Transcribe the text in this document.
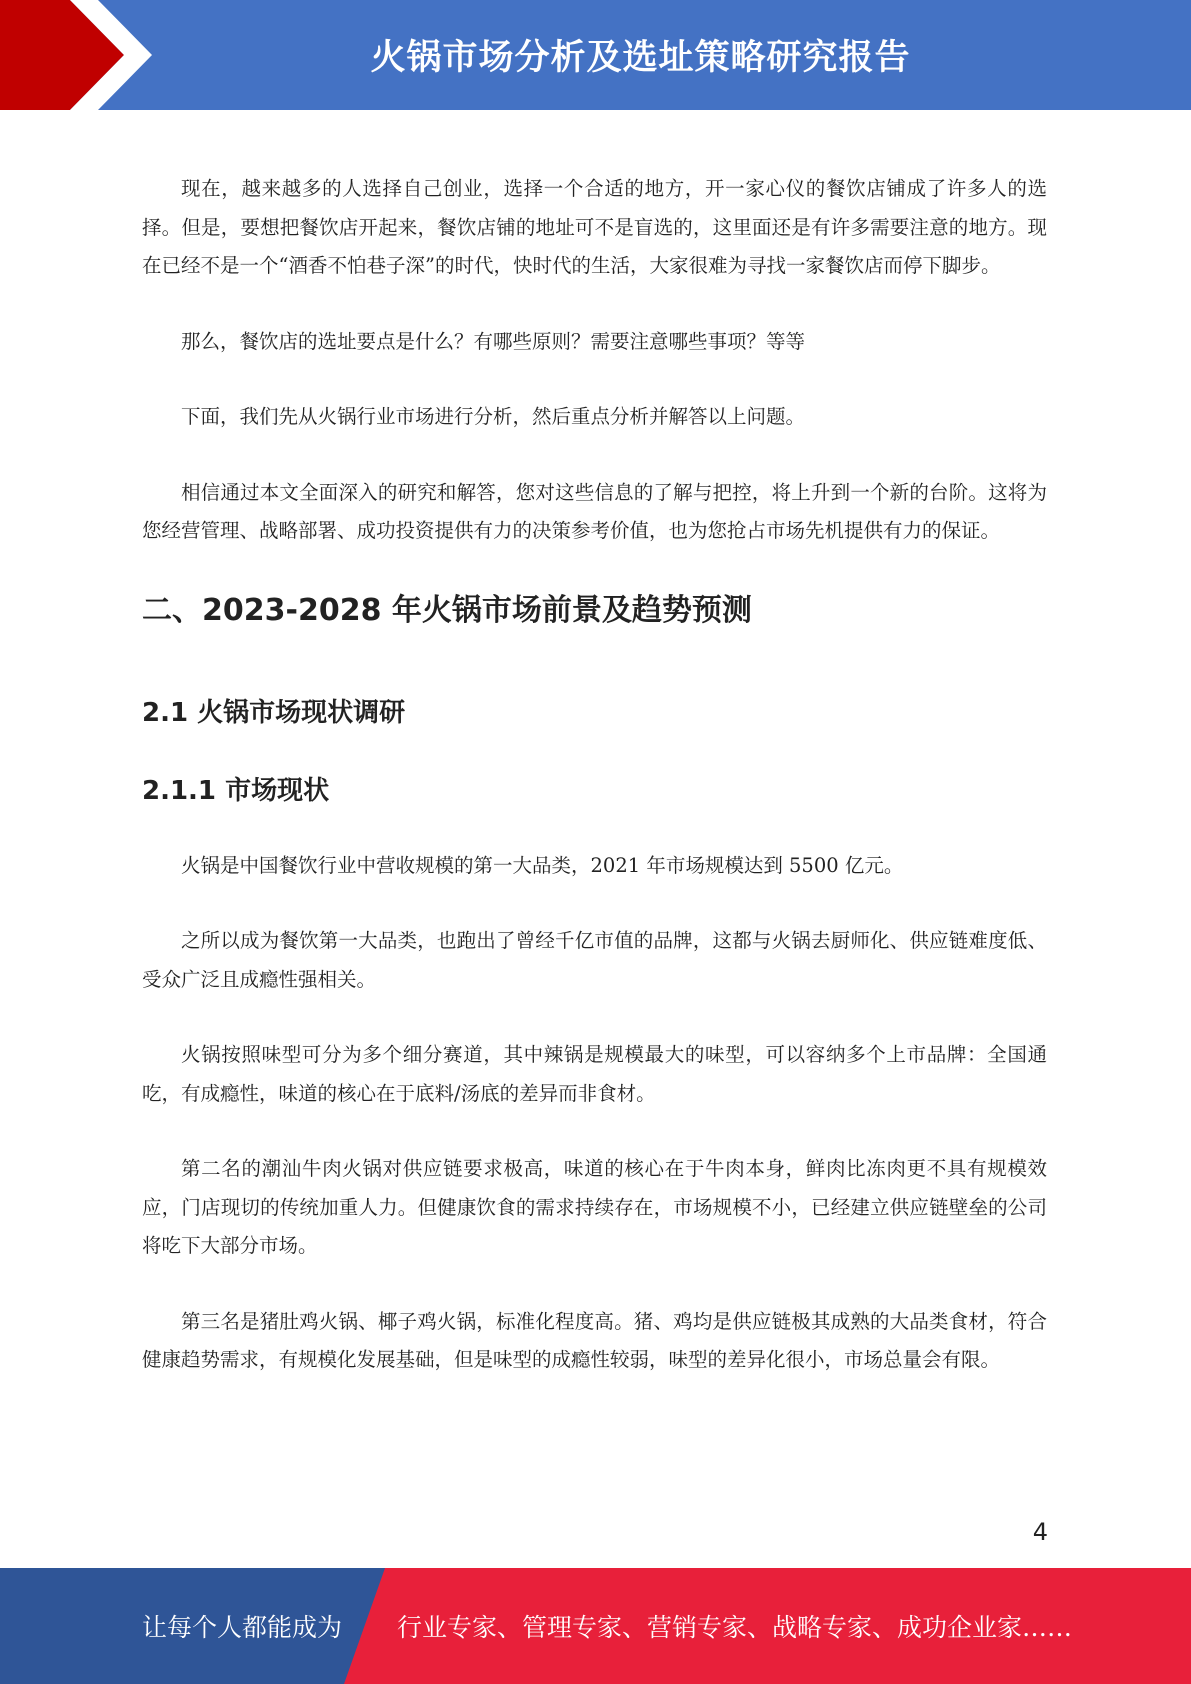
火锅市场分析及选址策略研究报告

现在，越来越多的人选择自己创业，选择一个合适的地方，开一家心仪的餐饮店铺成了许多人的选择。但是，要想把餐饮店开起来，餐饮店铺的地址可不是盲选的，这里面还是有许多需要注意的地方。现在已经不是一个“酒香不怕巷子深”的时代，快时代的生活，大家很难为寻找一家餐饮店而停下脚步。

那么，餐饮店的选址要点是什么？有哪些原则？需要注意哪些事项？等等

下面，我们先从火锅行业市场进行分析，然后重点分析并解答以上问题。

相信通过本文全面深入的研究和解答，您对这些信息的了解与把控，将上升到一个新的台阶。这将为您经营管理、战略部署、成功投资提供有力的决策参考价值，也为您抢占市场先机提供有力的保证。

二、2023-2028 年火锅市场前景及趋势预测
2.1 火锅市场现状调研
2.1.1 市场现状

火锅是中国餐饮行业中营收规模的第一大品类，2021 年市场规模达到 5500 亿元。

之所以成为餐饮第一大品类，也跑出了曾经千亿市值的品牌，这都与火锅去厨师化、供应链难度低、受众广泛且成瘾性强相关。

火锅按照味型可分为多个细分赛道，其中辣锅是规模最大的味型，可以容纳多个上市品牌：全国通吃，有成瘾性，味道的核心在于底料/汤底的差异而非食材。

第二名的潮汕牛肉火锅对供应链要求极高，味道的核心在于牛肉本身，鲜肉比冻肉更不具有规模效应，门店现切的传统加重人力。但健康饮食的需求持续存在，市场规模不小，已经建立供应链壁垒的公司将吃下大部分市场。

第三名是猪肚鸡火锅、椰子鸡火锅，标准化程度高。猪、鸡均是供应链极其成熟的大品类食材，符合健康趋势需求，有规模化发展基础，但是味型的成瘾性较弱，味型的差异化很小，市场总量会有限。

4
让每个人都能成为 行业专家、管理专家、营销专家、战略专家、成功企业家……
